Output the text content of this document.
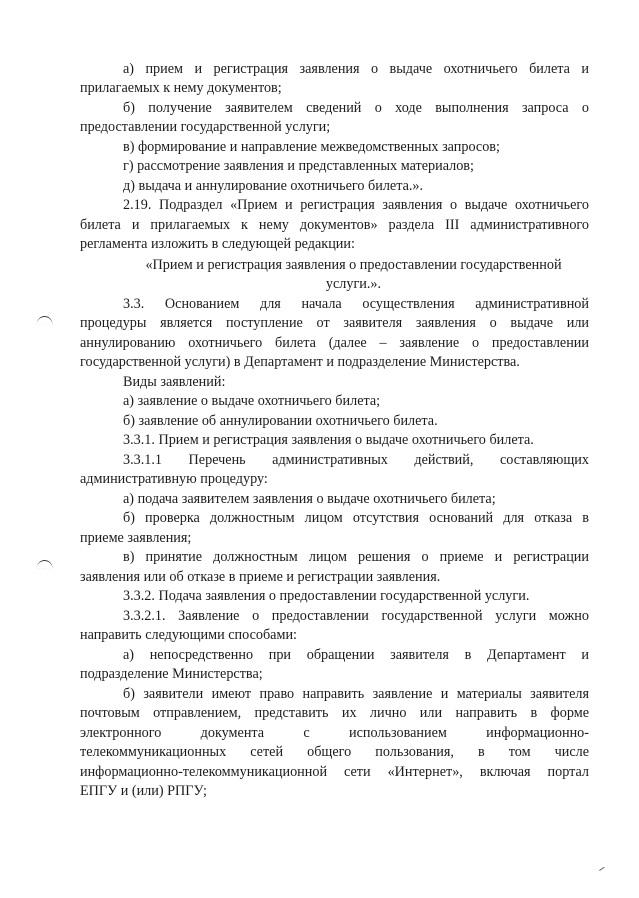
а) прием и регистрация заявления о выдаче охотничьего билета и
прилагаемых к нему документов;
б) получение заявителем сведений о ходе выполнения запроса о
предоставлении государственной услуги;
в) формирование и направление межведомственных запросов;
г) рассмотрение заявления и представленных материалов;
д) выдача и аннулирование охотничьего билета.».
2.19. Подраздел «Прием и регистрация заявления о выдаче охотничьего
билета и прилагаемых к нему документов» раздела III административного
регламента изложить в следующей редакции:
«Прием и регистрация заявления о предоставлении государственной
услуги.».
3.3. Основанием для начала осуществления административной
процедуры является поступление от заявителя заявления о выдаче или
аннулированию охотничьего билета (далее – заявление о предоставлении
государственной услуги) в Департамент и подразделение Министерства.
Виды заявлений:
а) заявление о выдаче охотничьего билета;
б) заявление об аннулировании охотничьего билета.
3.3.1. Прием и регистрация заявления о выдаче охотничьего билета.
3.3.1.1 Перечень административных действий, составляющих
административную процедуру:
а) подача заявителем заявления о выдаче охотничьего билета;
б) проверка должностным лицом отсутствия оснований для отказа в
приеме заявления;
в) принятие должностным лицом решения о приеме и регистрации
заявления или об отказе в приеме и регистрации заявления.
3.3.2. Подача заявления о предоставлении государственной услуги.
3.3.2.1. Заявление о предоставлении государственной услуги можно
направить следующими способами:
а) непосредственно при обращении заявителя в Департамент и
подразделение Министерства;
б) заявители имеют право направить заявление и материалы заявителя
почтовым отправлением, представить их лично или направить в форме
электронного документа с использованием информационно-
телекоммуникационных сетей общего пользования, в том числе
информационно-телекоммуникационной сети «Интернет», включая портал
ЕПГУ и (или) РПГУ;
